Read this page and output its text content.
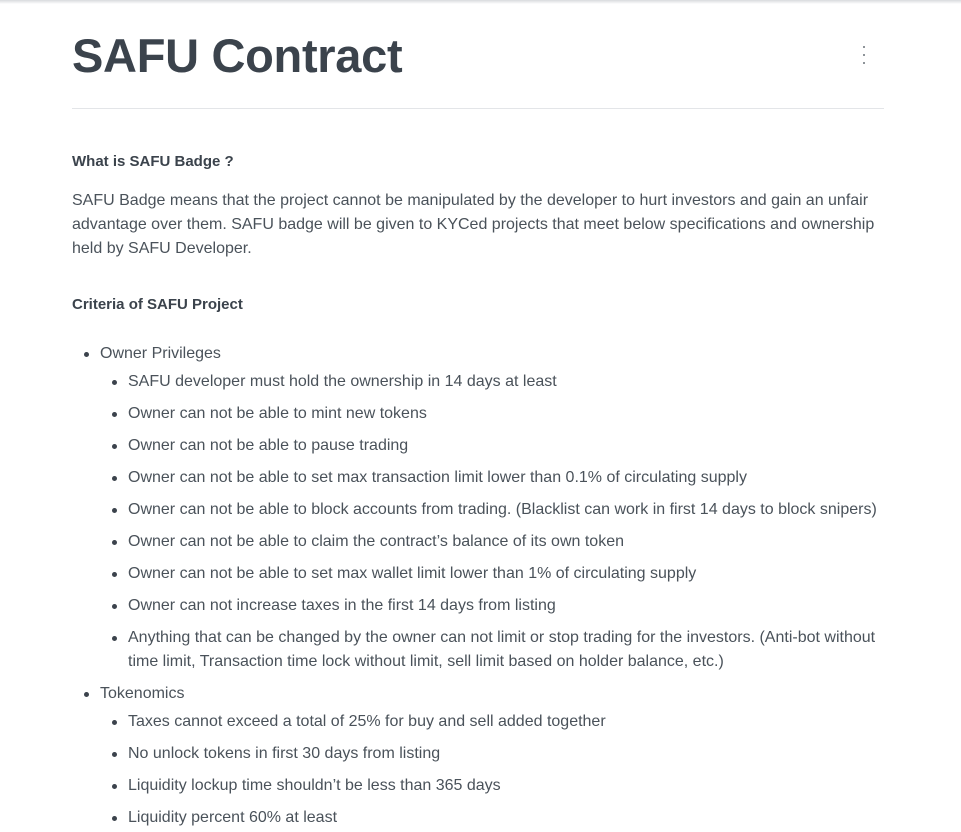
SAFU Contract
What is SAFU Badge ?

SAFU Badge means that the project cannot be manipulated by the developer to hurt investors and gain an unfair advantage over them. SAFU badge will be given to KYCed projects that meet below specifications and ownership held by SAFU Developer.

Criteria of SAFU Project
Owner Privileges
SAFU developer must hold the ownership in 14 days at least
Owner can not be able to mint new tokens
Owner can not be able to pause trading
Owner can not be able to set max transaction limit lower than 0.1% of circulating supply
Owner can not be able to block accounts from trading. (Blacklist can work in first 14 days to block snipers)
Owner can not be able to claim the contract’s balance of its own token
Owner can not be able to set max wallet limit lower than 1% of circulating supply
Owner can not increase taxes in the first 14 days from listing
Anything that can be changed by the owner can not limit or stop trading for the investors. (Anti-bot without time limit, Transaction time lock without limit, sell limit based on holder balance, etc.)
Tokenomics
Taxes cannot exceed a total of 25% for buy and sell added together
No unlock tokens in first 30 days from listing
Liquidity lockup time shouldn’t be less than 365 days
Liquidity percent 60% at least
